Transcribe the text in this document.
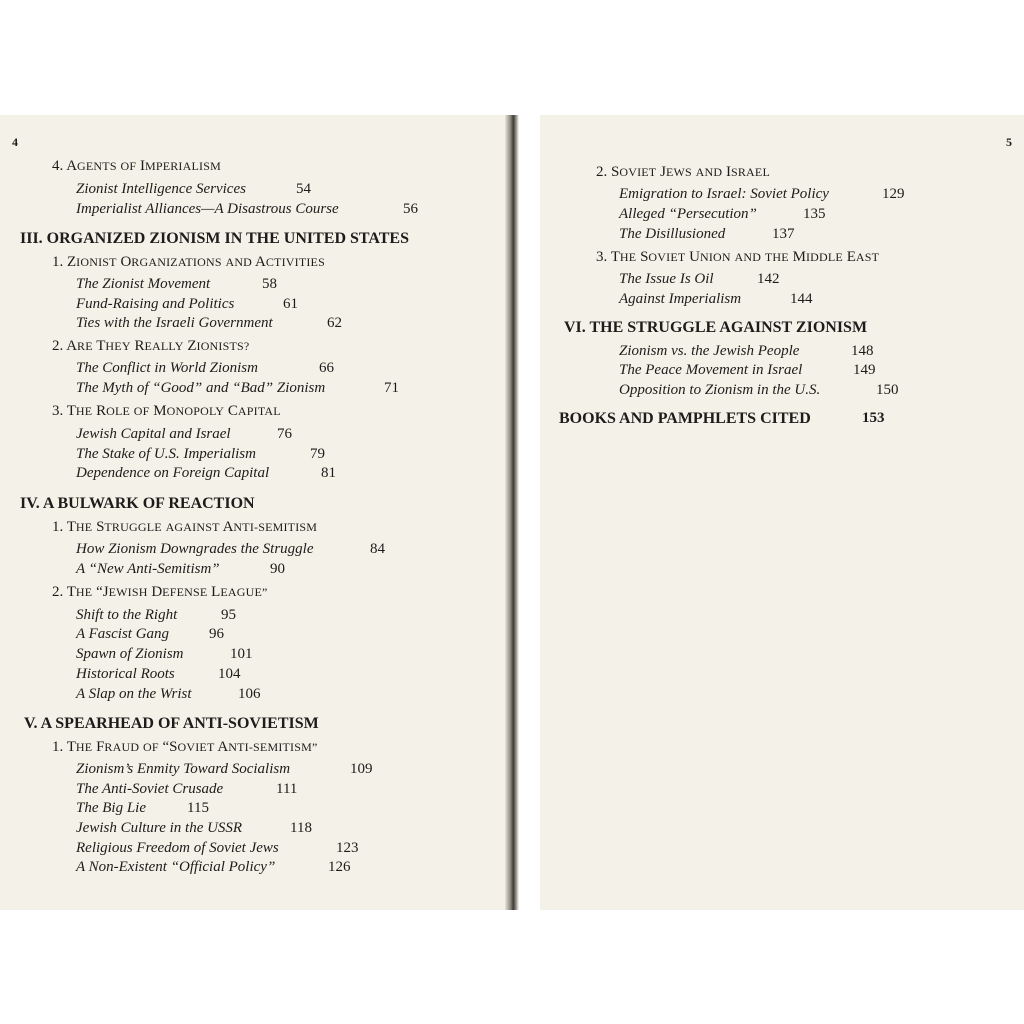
4
4. AGENTS OF IMPERIALISM
Zionist Intelligence Services	54
Imperialist Alliances—A Disastrous Course	56
III. ORGANIZED ZIONISM IN THE UNITED STATES
1. ZIONIST ORGANIZATIONS AND ACTIVITIES
The Zionist Movement	58
Fund-Raising and Politics	61
Ties with the Israeli Government	62
2. ARE THEY REALLY ZIONISTS?
The Conflict in World Zionism	66
The Myth of “Good” and “Bad” Zionism	71
3. THE ROLE OF MONOPOLY CAPITAL
Jewish Capital and Israel	76
The Stake of U.S. Imperialism	79
Dependence on Foreign Capital	81
IV. A BULWARK OF REACTION
1. THE STRUGGLE AGAINST ANTI-SEMITISM
How Zionism Downgrades the Struggle	84
A “New Anti-Semitism”	90
2. THE “JEWISH DEFENSE LEAGUE”
Shift to the Right	95
A Fascist Gang	96
Spawn of Zionism	101
Historical Roots	104
A Slap on the Wrist	106
V. A SPEARHEAD OF ANTI-SOVIETISM
1. THE FRAUD OF “SOVIET ANTI-SEMITISM”
Zionism’s Enmity Toward Socialism	109
The Anti-Soviet Crusade	111
The Big Lie	115
Jewish Culture in the USSR	118
Religious Freedom of Soviet Jews	123
A Non-Existent “Official Policy”	126
5
2. SOVIET JEWS AND ISRAEL
Emigration to Israel: Soviet Policy	129
Alleged “Persecution”	135
The Disillusioned	137
3. THE SOVIET UNION AND THE MIDDLE EAST
The Issue Is Oil	142
Against Imperialism	144
VI. THE STRUGGLE AGAINST ZIONISM
Zionism vs. the Jewish People	148
The Peace Movement in Israel	149
Opposition to Zionism in the U.S.	150
BOOKS AND PAMPHLETS CITED	153
